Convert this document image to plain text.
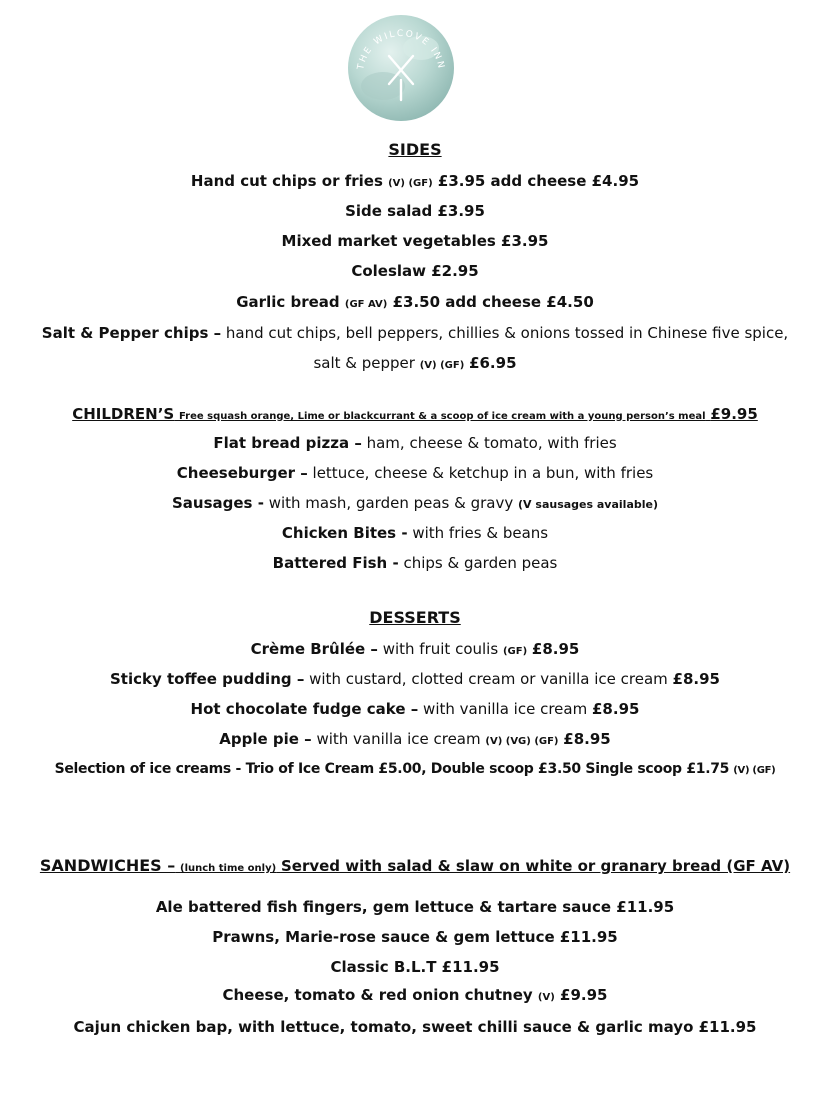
THE WILCOVE INN
SIDES
Hand cut chips or fries (V) (GF) £3.95 add cheese £4.95
Side salad £3.95
Mixed market vegetables £3.95
Coleslaw £2.95
Garlic bread (GF AV) £3.50 add cheese £4.50
Salt & Pepper chips – hand cut chips, bell peppers, chillies & onions tossed in Chinese five spice,
salt & pepper (V) (GF) £6.95
CHILDREN’S Free squash orange, Lime or blackcurrant & a scoop of ice cream with a young person’s meal £9.95
Flat bread pizza – ham, cheese & tomato, with fries
Cheeseburger – lettuce, cheese & ketchup in a bun, with fries
Sausages - with mash, garden peas & gravy (V sausages available)
Chicken Bites - with fries & beans
Battered Fish - chips & garden peas
DESSERTS
Crème Brûlée – with fruit coulis (GF) £8.95
Sticky toffee pudding – with custard, clotted cream or vanilla ice cream £8.95
Hot chocolate fudge cake – with vanilla ice cream £8.95
Apple pie – with vanilla ice cream (V) (VG) (GF) £8.95
Selection of ice creams - Trio of Ice Cream £5.00, Double scoop £3.50 Single scoop £1.75 (V) (GF)
SANDWICHES – (lunch time only) Served with salad & slaw on white or granary bread (GF AV)
Ale battered fish fingers, gem lettuce & tartare sauce £11.95
Prawns, Marie-rose sauce & gem lettuce £11.95
Classic B.L.T £11.95
Cheese, tomato & red onion chutney (V) £9.95
Cajun chicken bap, with lettuce, tomato, sweet chilli sauce & garlic mayo £11.95
